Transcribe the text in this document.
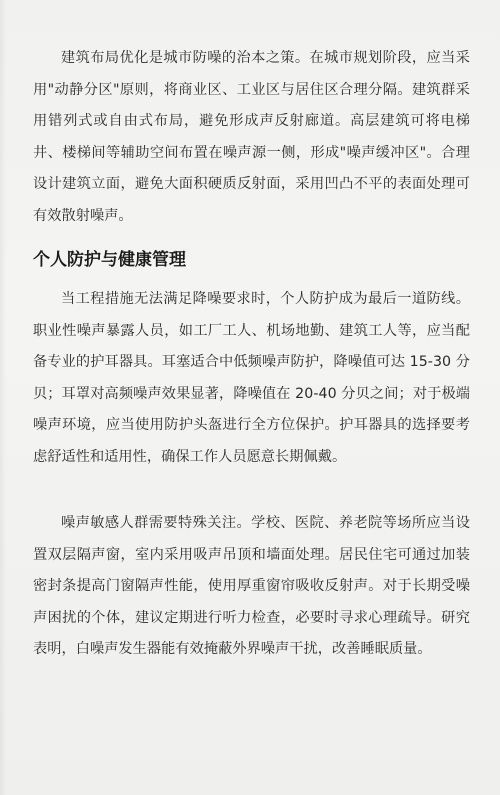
建筑布局优化是城市防噪的治本之策。在城市规划阶段，应当采用"动静分区"原则，将商业区、工业区与居住区合理分隔。建筑群采用错列式或自由式布局，避免形成声反射廊道。高层建筑可将电梯井、楼梯间等辅助空间布置在噪声源一侧，形成"噪声缓冲区"。合理设计建筑立面，避免大面积硬质反射面，采用凹凸不平的表面处理可有效散射噪声。

个人防护与健康管理

当工程措施无法满足降噪要求时，个人防护成为最后一道防线。职业性噪声暴露人员，如工厂工人、机场地勤、建筑工人等，应当配备专业的护耳器具。耳塞适合中低频噪声防护，降噪值可达 15-30 分贝；耳罩对高频噪声效果显著，降噪值在 20-40 分贝之间；对于极端噪声环境，应当使用防护头盔进行全方位保护。护耳器具的选择要考虑舒适性和适用性，确保工作人员愿意长期佩戴。

噪声敏感人群需要特殊关注。学校、医院、养老院等场所应当设置双层隔声窗，室内采用吸声吊顶和墙面处理。居民住宅可通过加装密封条提高门窗隔声性能，使用厚重窗帘吸收反射声。对于长期受噪声困扰的个体，建议定期进行听力检查，必要时寻求心理疏导。研究表明，白噪声发生器能有效掩蔽外界噪声干扰，改善睡眠质量。
